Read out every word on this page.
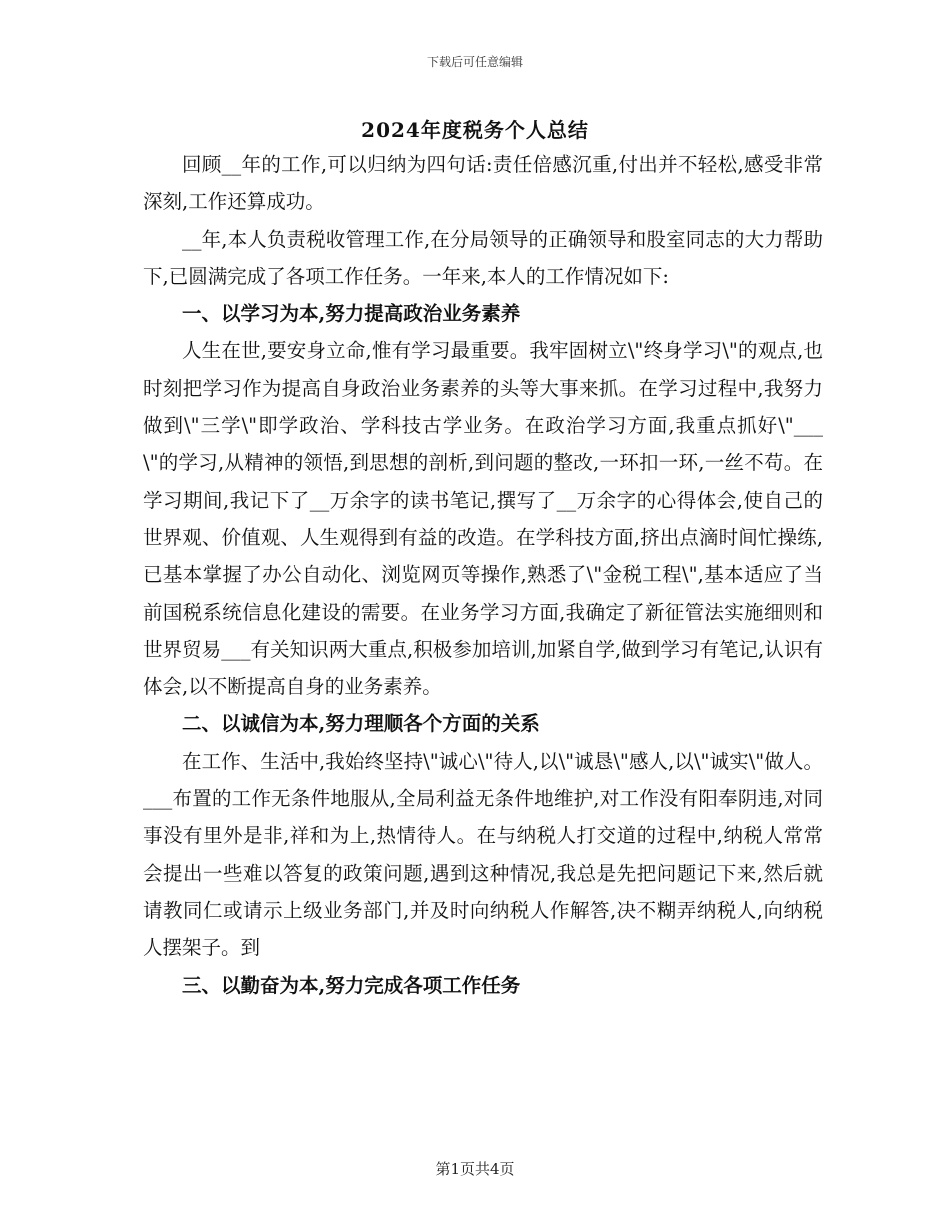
下载后可任意编辑
2024年度税务个人总结

回顾__年的工作,可以归纳为四句话:责任倍感沉重,付出并不轻松,感受非常深刻,工作还算成功。

__年,本人负责税收管理工作,在分局领导的正确领导和股室同志的大力帮助下,已圆满完成了各项工作任务。一年来,本人的工作情况如下:

一、以学习为本,努力提高政治业务素养

人生在世,要安身立命,惟有学习最重要。我牢固树立\"终身学习\"的观点,也时刻把学习作为提高自身政治业务素养的头等大事来抓。在学习过程中,我努力做到\"三学\"即学政治、学科技古学业务。在政治学习方面,我重点抓好\"___\"的学习,从精神的领悟,到思想的剖析,到问题的整改,一环扣一环,一丝不苟。在学习期间,我记下了__万余字的读书笔记,撰写了__万余字的心得体会,使自己的世界观、价值观、人生观得到有益的改造。在学科技方面,挤出点滴时间忙操练,已基本掌握了办公自动化、浏览网页等操作,熟悉了\"金税工程\",基本适应了当前国税系统信息化建设的需要。在业务学习方面,我确定了新征管法实施细则和世界贸易___有关知识两大重点,积极参加培训,加紧自学,做到学习有笔记,认识有体会,以不断提高自身的业务素养。

二、以诚信为本,努力理顺各个方面的关系

在工作、生活中,我始终坚持\"诚心\"待人,以\"诚恳\"感人,以\"诚实\"做人。___布置的工作无条件地服从,全局利益无条件地维护,对工作没有阳奉阴违,对同事没有里外是非,祥和为上,热情待人。在与纳税人打交道的过程中,纳税人常常会提出一些难以答复的政策问题,遇到这种情况,我总是先把问题记下来,然后就请教同仁或请示上级业务部门,并及时向纳税人作解答,决不糊弄纳税人,向纳税人摆架子。到

三、以勤奋为本,努力完成各项工作任务

第1页共4页
